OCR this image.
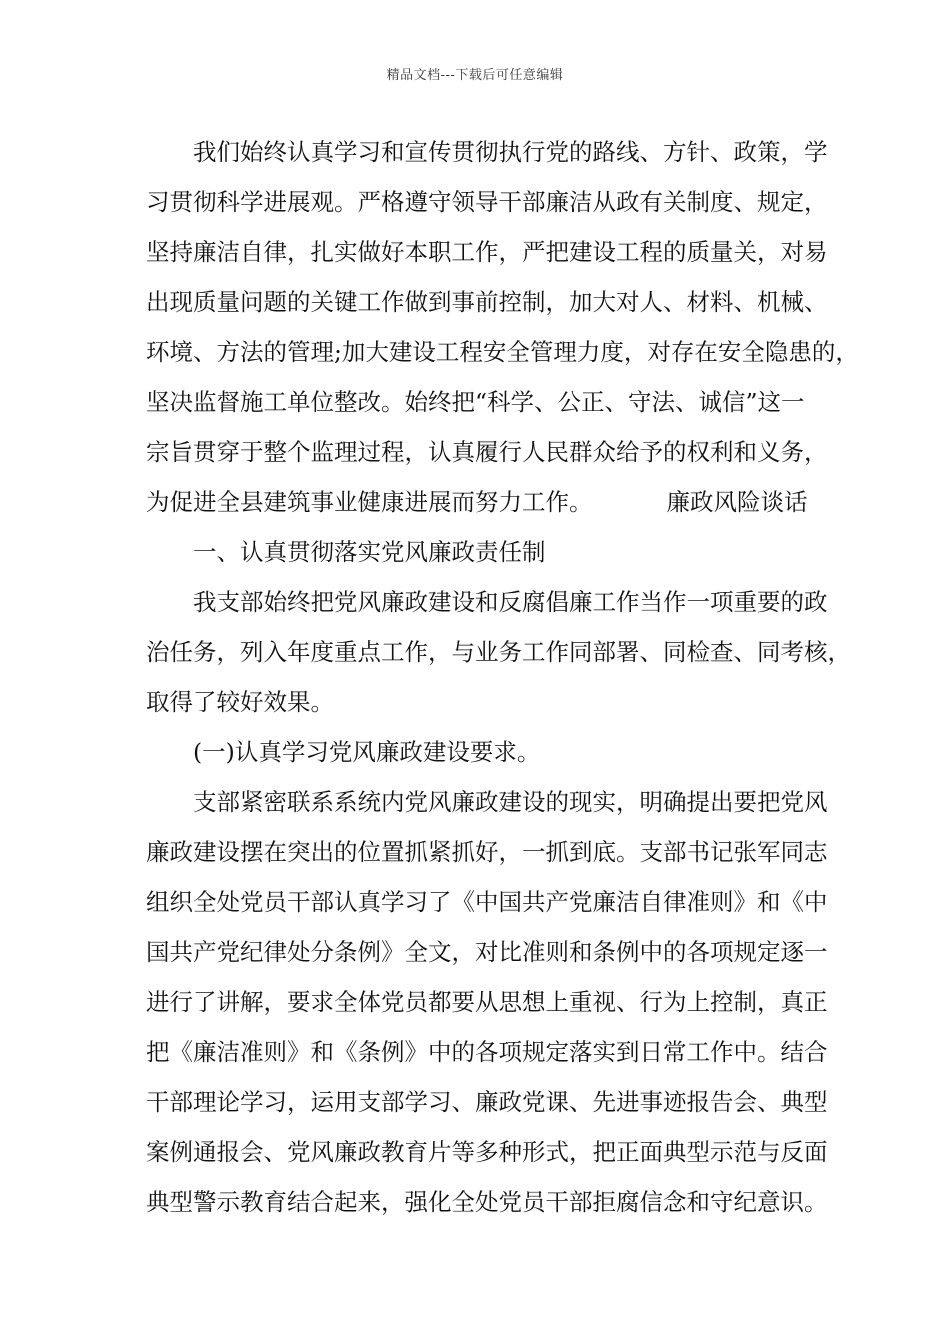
精品文档---下载后可任意编辑
我们始终认真学习和宣传贯彻执行党的路线、方针、政策，学
习贯彻科学进展观。严格遵守领导干部廉洁从政有关制度、规定，
坚持廉洁自律，扎实做好本职工作，严把建设工程的质量关，对易
出现质量问题的关键工作做到事前控制，加大对人、材料、机械、
环境、方法的管理;加大建设工程安全管理力度，对存在安全隐患的，
坚决监督施工单位整改。始终把“科学、公正、守法、诚信”这一
宗旨贯穿于整个监理过程，认真履行人民群众给予的权利和义务，
为促进全县建筑事业健康进展而努力工作。	廉政风险谈话
一、认真贯彻落实党风廉政责任制
我支部始终把党风廉政建设和反腐倡廉工作当作一项重要的政
治任务，列入年度重点工作，与业务工作同部署、同检查、同考核，
取得了较好效果。
(一)认真学习党风廉政建设要求。
支部紧密联系系统内党风廉政建设的现实，明确提出要把党风
廉政建设摆在突出的位置抓紧抓好，一抓到底。支部书记张军同志
组织全处党员干部认真学习了《中国共产党廉洁自律准则》和《中
国共产党纪律处分条例》全文，对比准则和条例中的各项规定逐一
进行了讲解，要求全体党员都要从思想上重视、行为上控制，真正
把《廉洁准则》和《条例》中的各项规定落实到日常工作中。结合
干部理论学习，运用支部学习、廉政党课、先进事迹报告会、典型
案例通报会、党风廉政教育片等多种形式，把正面典型示范与反面
典型警示教育结合起来，强化全处党员干部拒腐信念和守纪意识。
